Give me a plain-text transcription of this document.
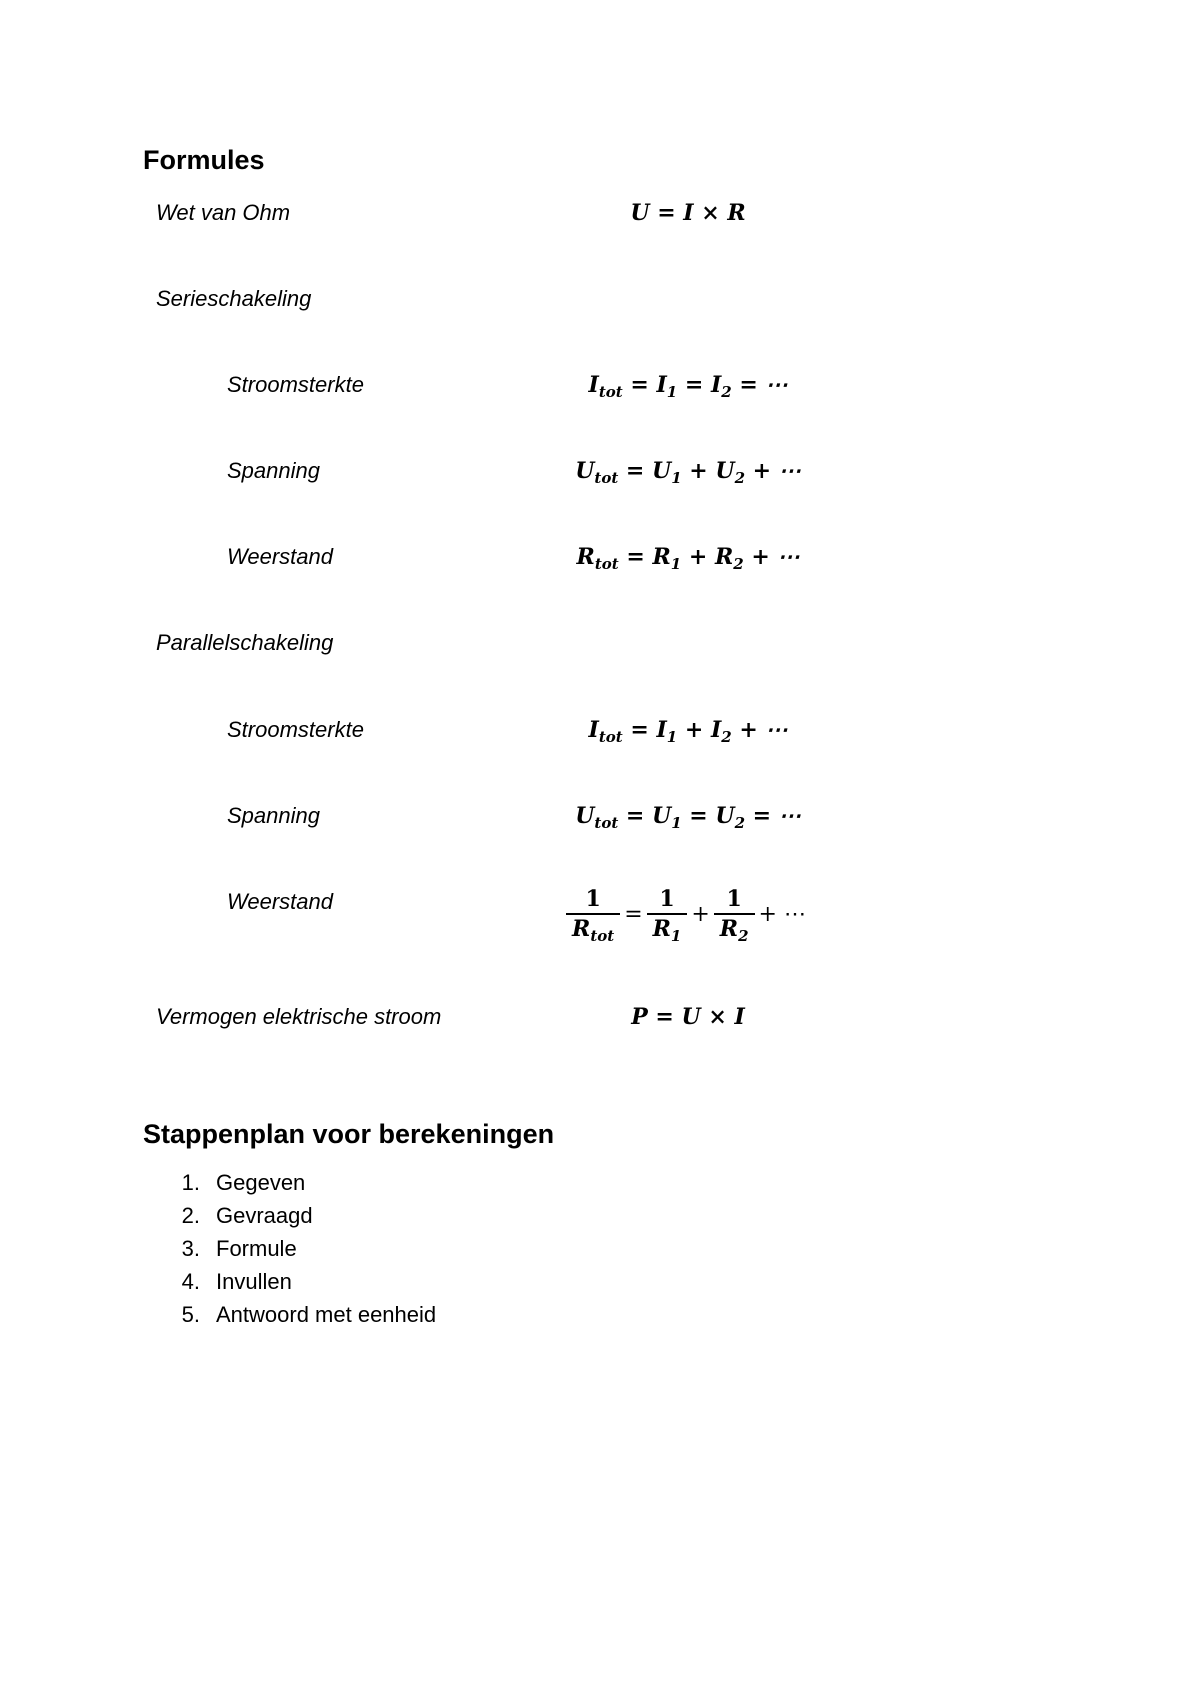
Formules
Wet van Ohm	U = I × R
Serieschakeling
Stroomsterkte	$I_{tot} = I_1 = I_2$ = ⋯
Spanning	$U_{tot} = U_1 + U_2$ + ⋯
Weerstand	$R_{tot} = R_1 + R_2$ + ⋯
Parallelschakeling
Stroomsterkte	$I_{tot} = I_1 + I_2$ + ⋯
Spanning	$U_{tot} = U_1 = U_2$ = ⋯
Weerstand	$\frac{1}{R_{tot}} = \frac{1}{R_1} + \frac{1}{R_2}$ + ⋯
Vermogen elektrische stroom	P = U × I
Stappenplan voor berekeningen
1. Gegeven
2. Gevraagd
3. Formule
4. Invullen
5. Antwoord met eenheid
